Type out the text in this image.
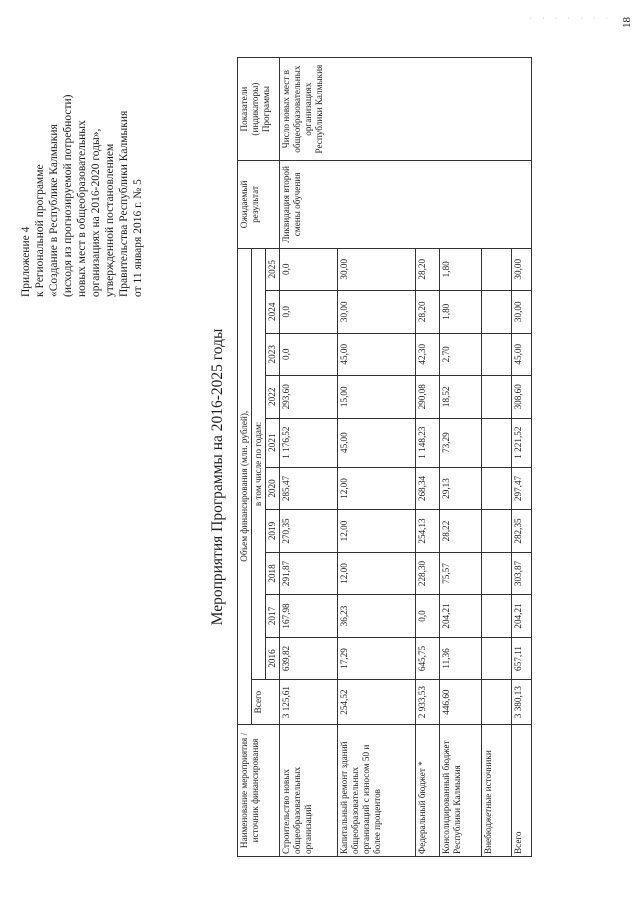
· · · · · · ·
Приложение 4 к Региональной программе «Создание в Республике Калмыкия (исходя из прогнозируемой потребности) новых мест в общеобразовательных организациях на 2016-2020 годы», утвержденной постановлением Правительства Республики Калмыкия от 11 января 2016 г. № 5
Мероприятия Программы на 2016-2025 годы
Наименование мероприятия / источник финансирования	Объем финансирования (млн. рублей),											Ожидаемый результат	Показатели (индикаторы) Программы
	Всего	в том числе по годам:											
		2016	2017	2018	2019	2020	2021	2022	2023	2024	2025		
Строительство новых общеобразовательных организаций	3 125,61	639,82	167,98	291,87	270,35	285,47	1 176,52	293,60	0,0	0,0	0,0	Ликвидация второй смены обучения	Число новых мест в общеобразовательных организациях Республики Калмыкия
Капитальный ремонт зданий общеобразовательных организаций с износом 50 и более процентов	254,52	17,29	36,23	12,00	12,00	12,00	45,00	15,00	45,00	30,00	30,00		
Федеральный бюджет *	2 933,53	645,75	0,0	228,30	254,13	268,34	1 148,23	290,08	42,30	28,20	28,20		
Консолидированный бюджет Республики Калмыкия	446,60	11,36	204,21	75,57	28,22	29,13	73,29	18,52	2,70	1,80	1,80		
Внебюджетные источники													
Всего	3 380,13	657,11	204,21	303,87	282,35	297,47	1 221,52	308,60	45,00	30,00	30,00		
18
